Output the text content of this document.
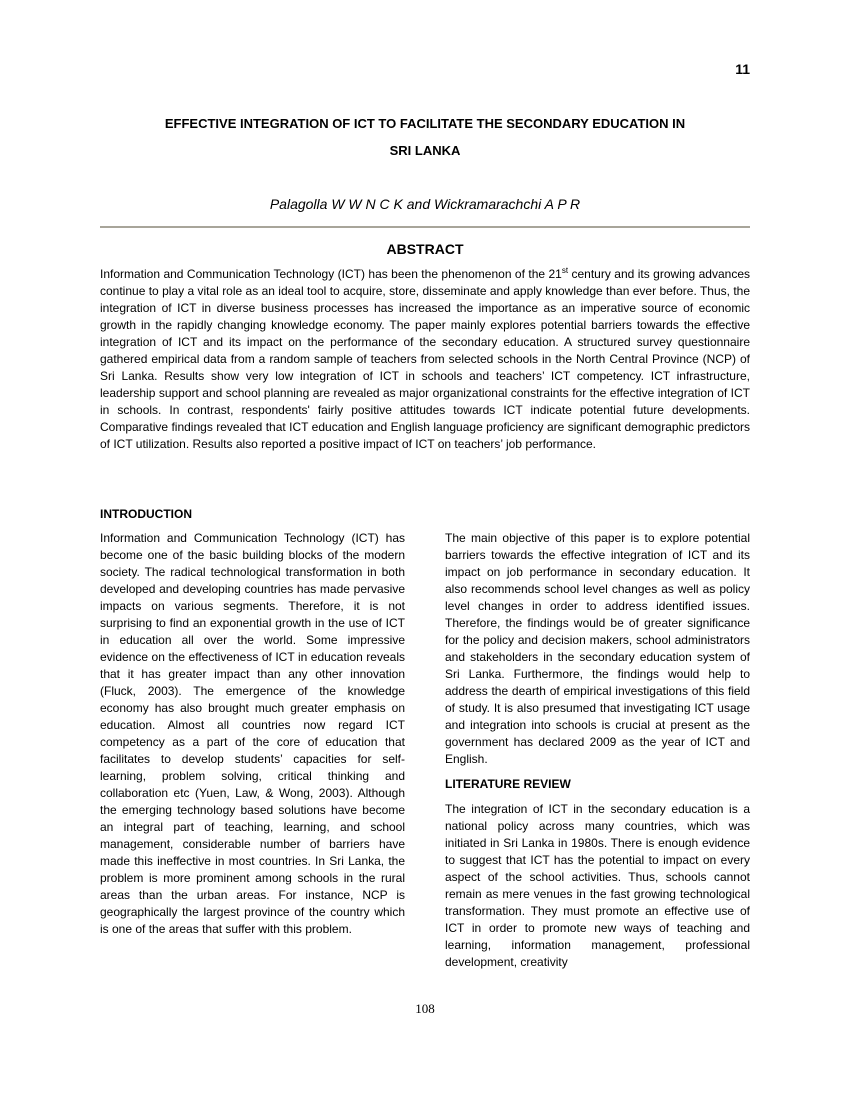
11
EFFECTIVE INTEGRATION OF ICT TO FACILITATE THE SECONDARY EDUCATION IN
SRI LANKA
Palagolla W W N C K and Wickramarachchi A P R
ABSTRACT

Information and Communication Technology (ICT) has been the phenomenon of the 21st century and its growing advances continue to play a vital role as an ideal tool to acquire, store, disseminate and apply knowledge than ever before. Thus, the integration of ICT in diverse business processes has increased the importance as an imperative source of economic growth in the rapidly changing knowledge economy. The paper mainly explores potential barriers towards the effective integration of ICT and its impact on the performance of the secondary education. A structured survey questionnaire gathered empirical data from a random sample of teachers from selected schools in the North Central Province (NCP) of Sri Lanka. Results show very low integration of ICT in schools and teachers’ ICT competency. ICT infrastructure, leadership support and school planning are revealed as major organizational constraints for the effective integration of ICT in schools. In contrast, respondents' fairly positive attitudes towards ICT indicate potential future developments. Comparative findings revealed that ICT education and English language proficiency are significant demographic predictors of ICT utilization. Results also reported a positive impact of ICT on teachers’ job performance.

INTRODUCTION

Information and Communication Technology (ICT) has become one of the basic building blocks of the modern society. The radical technological transformation in both developed and developing countries has made pervasive impacts on various segments. Therefore, it is not surprising to find an exponential growth in the use of ICT in education all over the world. Some impressive evidence on the effectiveness of ICT in education reveals that it has greater impact than any other innovation (Fluck, 2003). The emergence of the knowledge economy has also brought much greater emphasis on education. Almost all countries now regard ICT competency as a part of the core of education that facilitates to develop students’ capacities for self-learning, problem solving, critical thinking and collaboration etc (Yuen, Law, & Wong, 2003). Although the emerging technology based solutions have become an integral part of teaching, learning, and school management, considerable number of barriers have made this ineffective in most countries. In Sri Lanka, the problem is more prominent among schools in the rural areas than the urban areas. For instance, NCP is geographically the largest province of the country which is one of the areas that suffer with this problem.

The main objective of this paper is to explore potential barriers towards the effective integration of ICT and its impact on job performance in secondary education. It also recommends school level changes as well as policy level changes in order to address identified issues. Therefore, the findings would be of greater significance for the policy and decision makers, school administrators and stakeholders in the secondary education system of Sri Lanka. Furthermore, the findings would help to address the dearth of empirical investigations of this field of study. It is also presumed that investigating ICT usage and integration into schools is crucial at present as the government has declared 2009 as the year of ICT and English.

LITERATURE REVIEW

The integration of ICT in the secondary education is a national policy across many countries, which was initiated in Sri Lanka in 1980s. There is enough evidence to suggest that ICT has the potential to impact on every aspect of the school activities. Thus, schools cannot remain as mere venues in the fast growing technological transformation. They must promote an effective use of ICT in order to promote new ways of teaching and learning, information management, professional development, creativity

108
